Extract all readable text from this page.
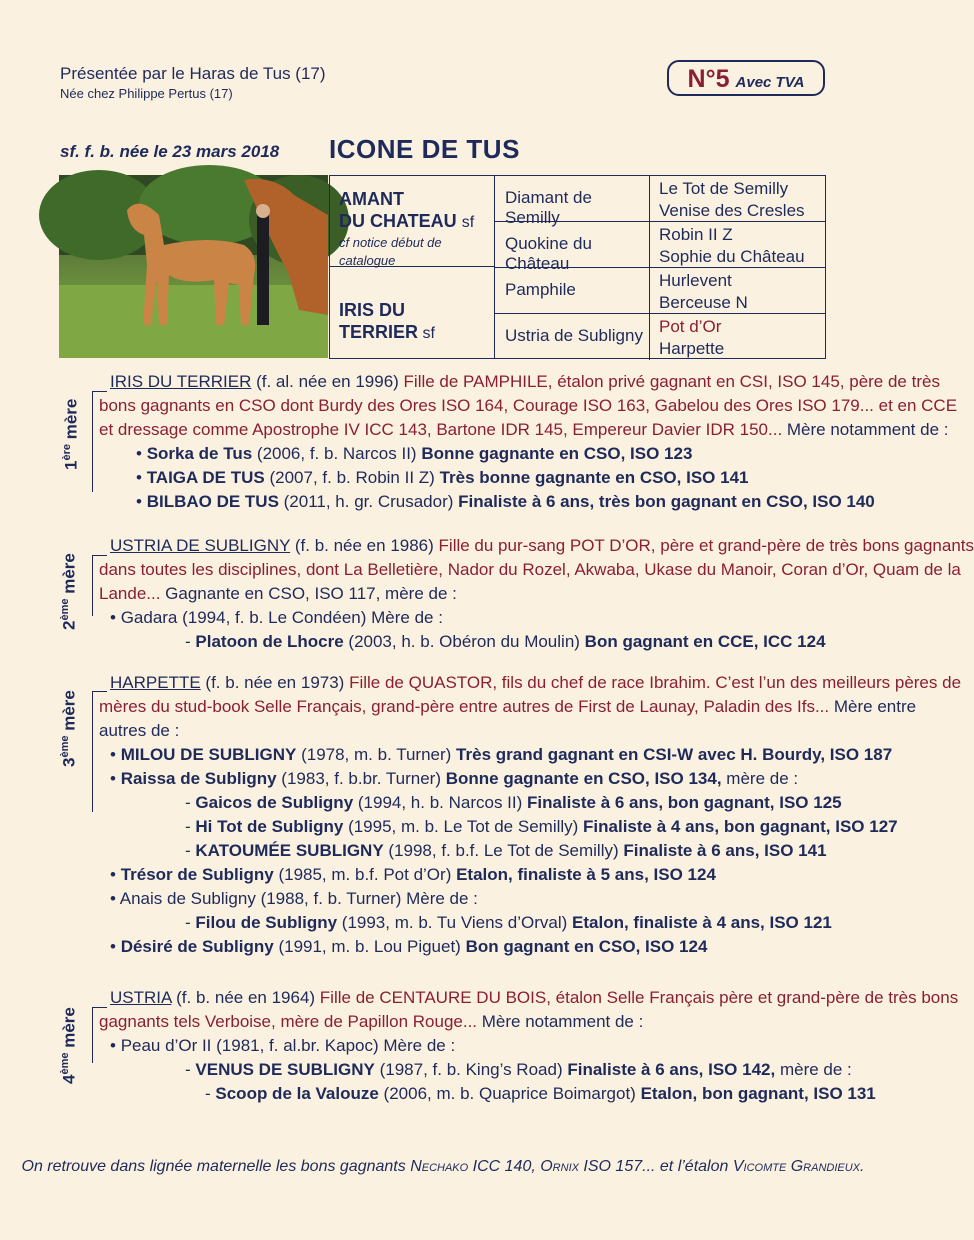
Présentée par le Haras de Tus (17)
Née chez Philippe Pertus (17)
N°5 Avec TVA
sf. f. b. née le 23 mars 2018 ICONE DE TUS
AMANT
DU CHATEAU sf
cf notice début de catalogue
IRIS DU TERRIER sf
Diamant de Semilly
Quokine du Château
Pamphile
Ustria de Subligny
Le Tot de Semilly
Venise des Cresles
Robin II Z
Sophie du Château
Hurlevent
Berceuse N
Pot d’Or
Harpette
1ère mère
2ème mère
3ème mère
4ème mère

IRIS DU TERRIER (f. al. née en 1996) Fille de PAMPHILE, étalon privé gagnant en CSI, ISO 145, père de très

bons gagnants en CSO dont Burdy des Ores ISO 164, Courage ISO 163, Gabelou des Ores ISO 179... et en CCE

et dressage comme Apostrophe IV ICC 143, Bartone IDR 145, Empereur Davier IDR 150... Mère notamment de :

• Sorka de Tus (2006, f. b. Narcos II) Bonne gagnante en CSO, ISO 123

• TAIGA DE TUS (2007, f. b. Robin II Z) Très bonne gagnante en CSO, ISO 141

• BILBAO DE TUS (2011, h. gr. Crusador) Finaliste à 6 ans, très bon gagnant en CSO, ISO 140

USTRIA DE SUBLIGNY (f. b. née en 1986) Fille du pur-sang POT D’OR, père et grand-père de très bons gagnants

dans toutes les disciplines, dont La Belletière, Nador du Rozel, Akwaba, Ukase du Manoir, Coran d’Or, Quam de la

Lande... Gagnante en CSO, ISO 117, mère de :

• Gadara (1994, f. b. Le Condéen) Mère de :

- Platoon de Lhocre (2003, h. b. Obéron du Moulin) Bon gagnant en CCE, ICC 124

HARPETTE (f. b. née en 1973) Fille de QUASTOR, fils du chef de race Ibrahim. C’est l’un des meilleurs pères de

mères du stud-book Selle Français, grand-père entre autres de First de Launay, Paladin des Ifs... Mère entre

autres de :

• MILOU DE SUBLIGNY (1978, m. b. Turner) Très grand gagnant en CSI-W avec H. Bourdy, ISO 187

• Raissa de Subligny (1983, f. b.br. Turner) Bonne gagnante en CSO, ISO 134, mère de :

- Gaicos de Subligny (1994, h. b. Narcos II) Finaliste à 6 ans, bon gagnant, ISO 125

- Hi Tot de Subligny (1995, m. b. Le Tot de Semilly) Finaliste à 4 ans, bon gagnant, ISO 127

- KATOUMÉE SUBLIGNY (1998, f. b.f. Le Tot de Semilly) Finaliste à 6 ans, ISO 141

• Trésor de Subligny (1985, m. b.f. Pot d’Or) Etalon, finaliste à 5 ans, ISO 124

• Anais de Subligny (1988, f. b. Turner) Mère de :

- Filou de Subligny (1993, m. b. Tu Viens d’Orval) Etalon, finaliste à 4 ans, ISO 121

• Désiré de Subligny (1991, m. b. Lou Piguet) Bon gagnant en CSO, ISO 124

USTRIA (f. b. née en 1964) Fille de CENTAURE DU BOIS, étalon Selle Français père et grand-père de très bons

gagnants tels Verboise, mère de Papillon Rouge... Mère notamment de :

• Peau d’Or II (1981, f. al.br. Kapoc) Mère de :

- VENUS DE SUBLIGNY (1987, f. b. King’s Road) Finaliste à 6 ans, ISO 142, mère de :

- Scoop de la Valouze (2006, m. b. Quaprice Boimargot) Etalon, bon gagnant, ISO 131

On retrouve dans lignée maternelle les bons gagnants Nechako ICC 140, Ornix ISO 157... et l’étalon Vicomte Grandieux.
